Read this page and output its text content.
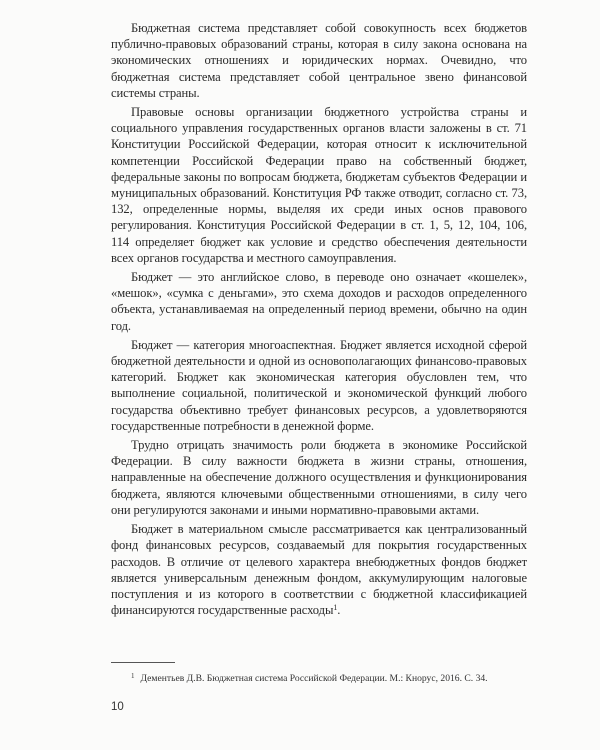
Бюджетная система представляет собой совокупность всех бюджетов публично-правовых образований страны, которая в силу закона основана на экономических отношениях и юридических нормах. Очевидно, что бюджетная система представляет собой центральное звено финансовой системы страны.

Правовые основы организации бюджетного устройства страны и социального управления государственных органов власти заложены в ст. 71 Конституции Российской Федерации, которая относит к исключительной компетенции Российской Федерации право на собственный бюджет, федеральные законы по вопросам бюджета, бюджетам субъектов Федерации и муниципальных образований. Конституция РФ также отводит, согласно ст. 73, 132, определенные нормы, выделяя их среди иных основ правового регулирования. Конституция Российской Федерации в ст. 1, 5, 12, 104, 106, 114 определяет бюджет как условие и средство обеспечения деятельности всех органов государства и местного самоуправления.

Бюджет — это английское слово, в переводе оно означает «кошелек», «мешок», «сумка с деньгами», это схема доходов и расходов определенного объекта, устанавливаемая на определенный период времени, обычно на один год.

Бюджет — категория многоаспектная. Бюджет является исходной сферой бюджетной деятельности и одной из основополагающих финансово-правовых категорий. Бюджет как экономическая категория обусловлен тем, что выполнение социальной, политической и экономической функций любого государства объективно требует финансовых ресурсов, а удовлетворяются государственные потребности в денежной форме.

Трудно отрицать значимость роли бюджета в экономике Российской Федерации. В силу важности бюджета в жизни страны, отношения, направленные на обеспечение должного осуществления и функционирования бюджета, являются ключевыми общественными отношениями, в силу чего они регулируются законами и иными нормативно-правовыми актами.

Бюджет в материальном смысле рассматривается как централизованный фонд финансовых ресурсов, создаваемый для покрытия государственных расходов. В отличие от целевого характера внебюджетных фондов бюджет является универсальным денежным фондом, аккумулирующим налоговые поступления и из которого в соответствии с бюджетной классификацией финансируются государственные расходы$^1$.

$^1$ Дементьев Д.В. Бюджетная система Российской Федерации. М.: Кнорус, 2016. С. 34.
10
